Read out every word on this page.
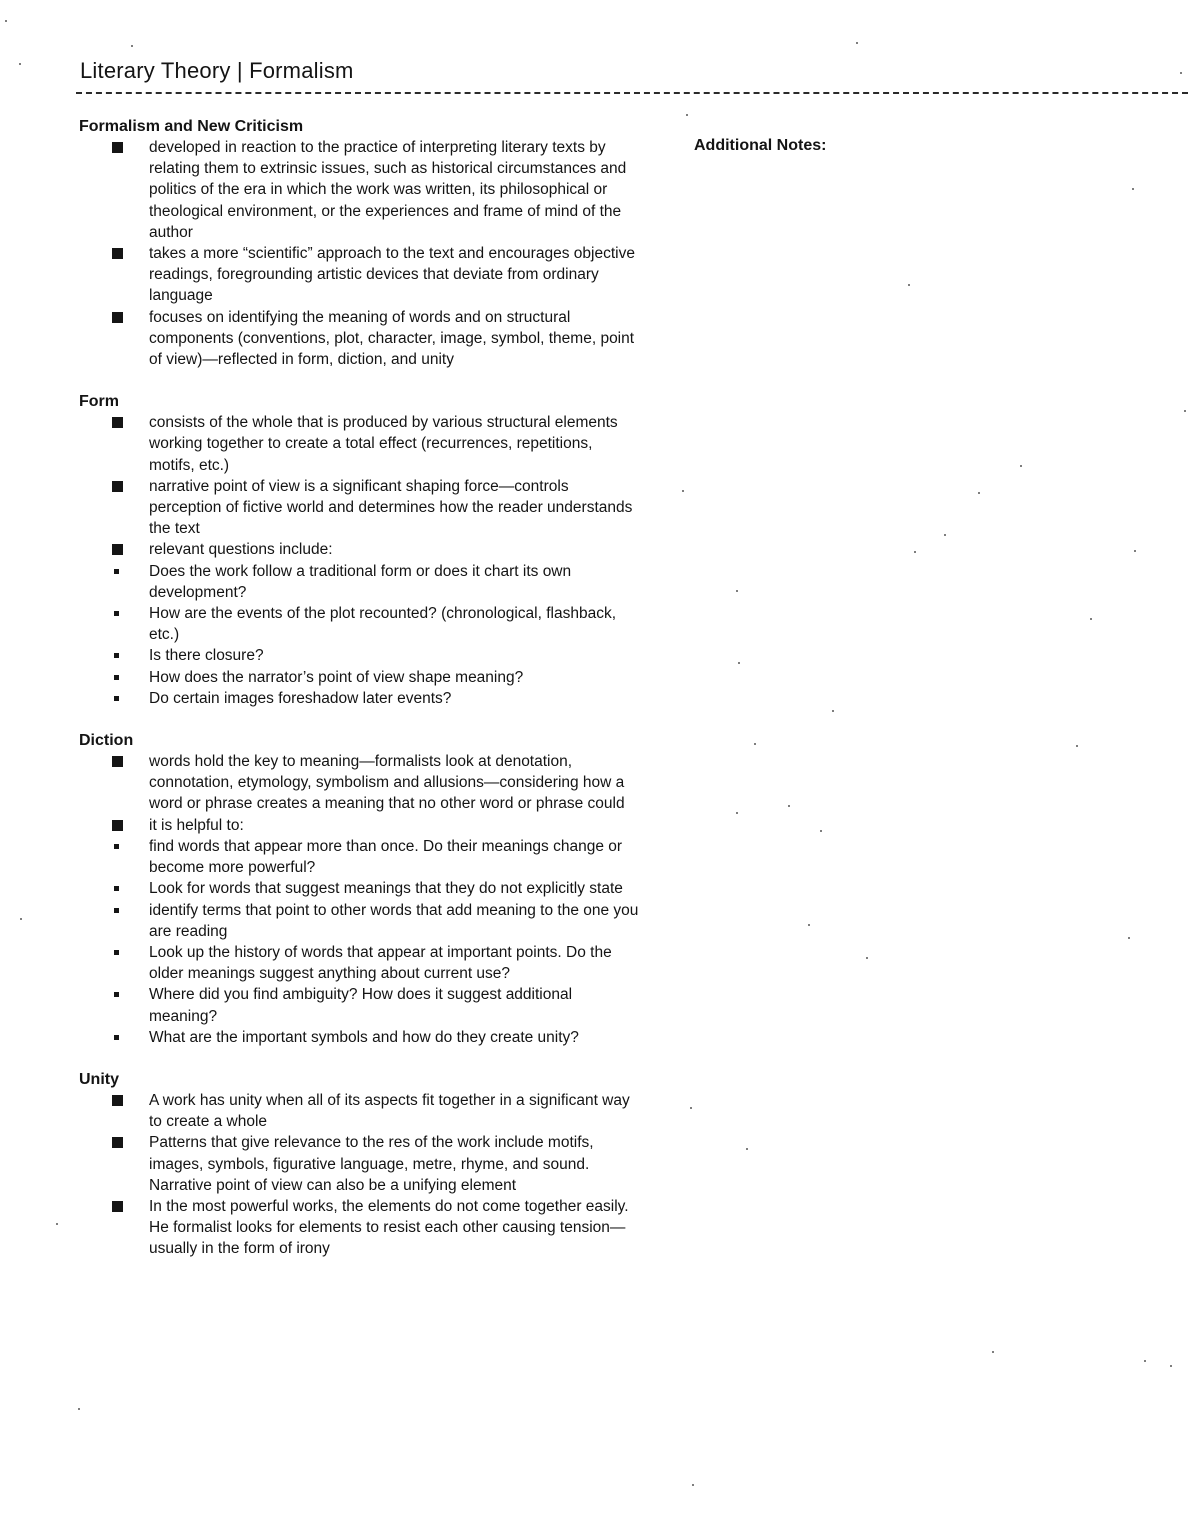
Literary Theory | Formalism
Additional Notes:
Formalism and New Criticism
developed in reaction to the practice of interpreting literary texts by relating them to extrinsic issues, such as historical circumstances and politics of the era in which the work was written, its philosophical or theological environment, or the experiences and frame of mind of the author
takes a more “scientific” approach to the text and encourages objective readings, foregrounding artistic devices that deviate from ordinary language
focuses on identifying the meaning of words and on structural components (conventions, plot, character, image, symbol, theme, point of view)—reflected in form, diction, and unity
Form
consists of the whole that is produced by various structural elements working together to create a total effect (recurrences, repetitions, motifs, etc.)
narrative point of view is a significant shaping force—controls perception of fictive world and determines how the reader understands the text
relevant questions include:
Does the work follow a traditional form or does it chart its own development?
How are the events of the plot recounted? (chronological, flashback, etc.)
Is there closure?
How does the narrator’s point of view shape meaning?
Do certain images foreshadow later events?
Diction
words hold the key to meaning—formalists look at denotation, connotation, etymology, symbolism and allusions—considering how a word or phrase creates a meaning that no other word or phrase could
it is helpful to:
find words that appear more than once. Do their meanings change or become more powerful?
Look for words that suggest meanings that they do not explicitly state
identify terms that point to other words that add meaning to the one you are reading
Look up the history of words that appear at important points. Do the older meanings suggest anything about current use?
Where did you find ambiguity? How does it suggest additional meaning?
What are the important symbols and how do they create unity?
Unity
A work has unity when all of its aspects fit together in a significant way to create a whole
Patterns that give relevance to the res of the work include motifs, images, symbols, figurative language, metre, rhyme, and sound. Narrative point of view can also be a unifying element
In the most powerful works, the elements do not come together easily. He formalist looks for elements to resist each other causing tension—usually in the form of irony
